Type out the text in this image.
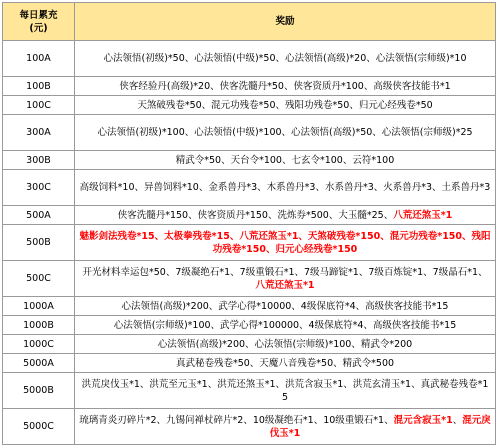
每日累充
(元)	奖励
100A	心法领悟(初级)*50、心法领悟(中级)*50、心法领悟(高级)*20、心法领悟(宗师级)*10
100B	侠客经验丹(高级)*20、侠客洗髓丹*50、侠客资质丹*100、高级侠客技能书*1
100C	天煞破残卷*50、混元功残卷*50、残阳功残卷*50、归元心经残卷*50
300A	心法领悟(初级)*100、心法领悟(中级)*100、心法领悟(高级)*50、心法领悟(宗师级)*25
300B	精武令*50、天台令*100、七玄令*100、云符*100
300C	高级饲料*10、异兽饲料*10、金系兽丹*3、木系兽丹*3、水系兽丹*3、火系兽丹*3、土系兽丹*3
500A	侠客洗髓丹*150、侠客资质丹*150、洗炼券*500、大玉髓*25、八荒还煞玉*1
500B	魅影剑法残卷*15、太极拳残卷*15、八荒还煞玉*1、天煞破残卷*150、混元功残卷*150、残阳功残卷*150、归元心经残卷*150
500C	开光材料幸运包*50、7级凝绝石*1、7级重锻石*1、7级马蹄锭*1、7级百炼锭*1、7级晶石*1、八荒还煞玉*1
1000A	心法领悟(高级)*200、武学心得*10000、4级保底符*4、高级侠客技能书*15
1000B	心法领悟(宗师级)*100、武学心得*100000、4级保底符*4、高级侠客技能书*15
1000C	心法领悟(高级)*200、心法领悟(宗师级)*100、精武令*200
5000A	真武秘卷残卷*50、天魔八音残卷*50、精武令*500
5000B	洪荒戾伐玉*1、洪荒至元玉*1、洪荒还煞玉*1、洪荒含寂玉*1、洪荒玄清玉*1、真武秘卷残卷*15
5000C	琉璃青炎刃碎片*2、九锡问禅杖碎片*2、10级凝绝石*1、10级重锻石*1、混元含寂玉*1、混元戾伐玉*1
